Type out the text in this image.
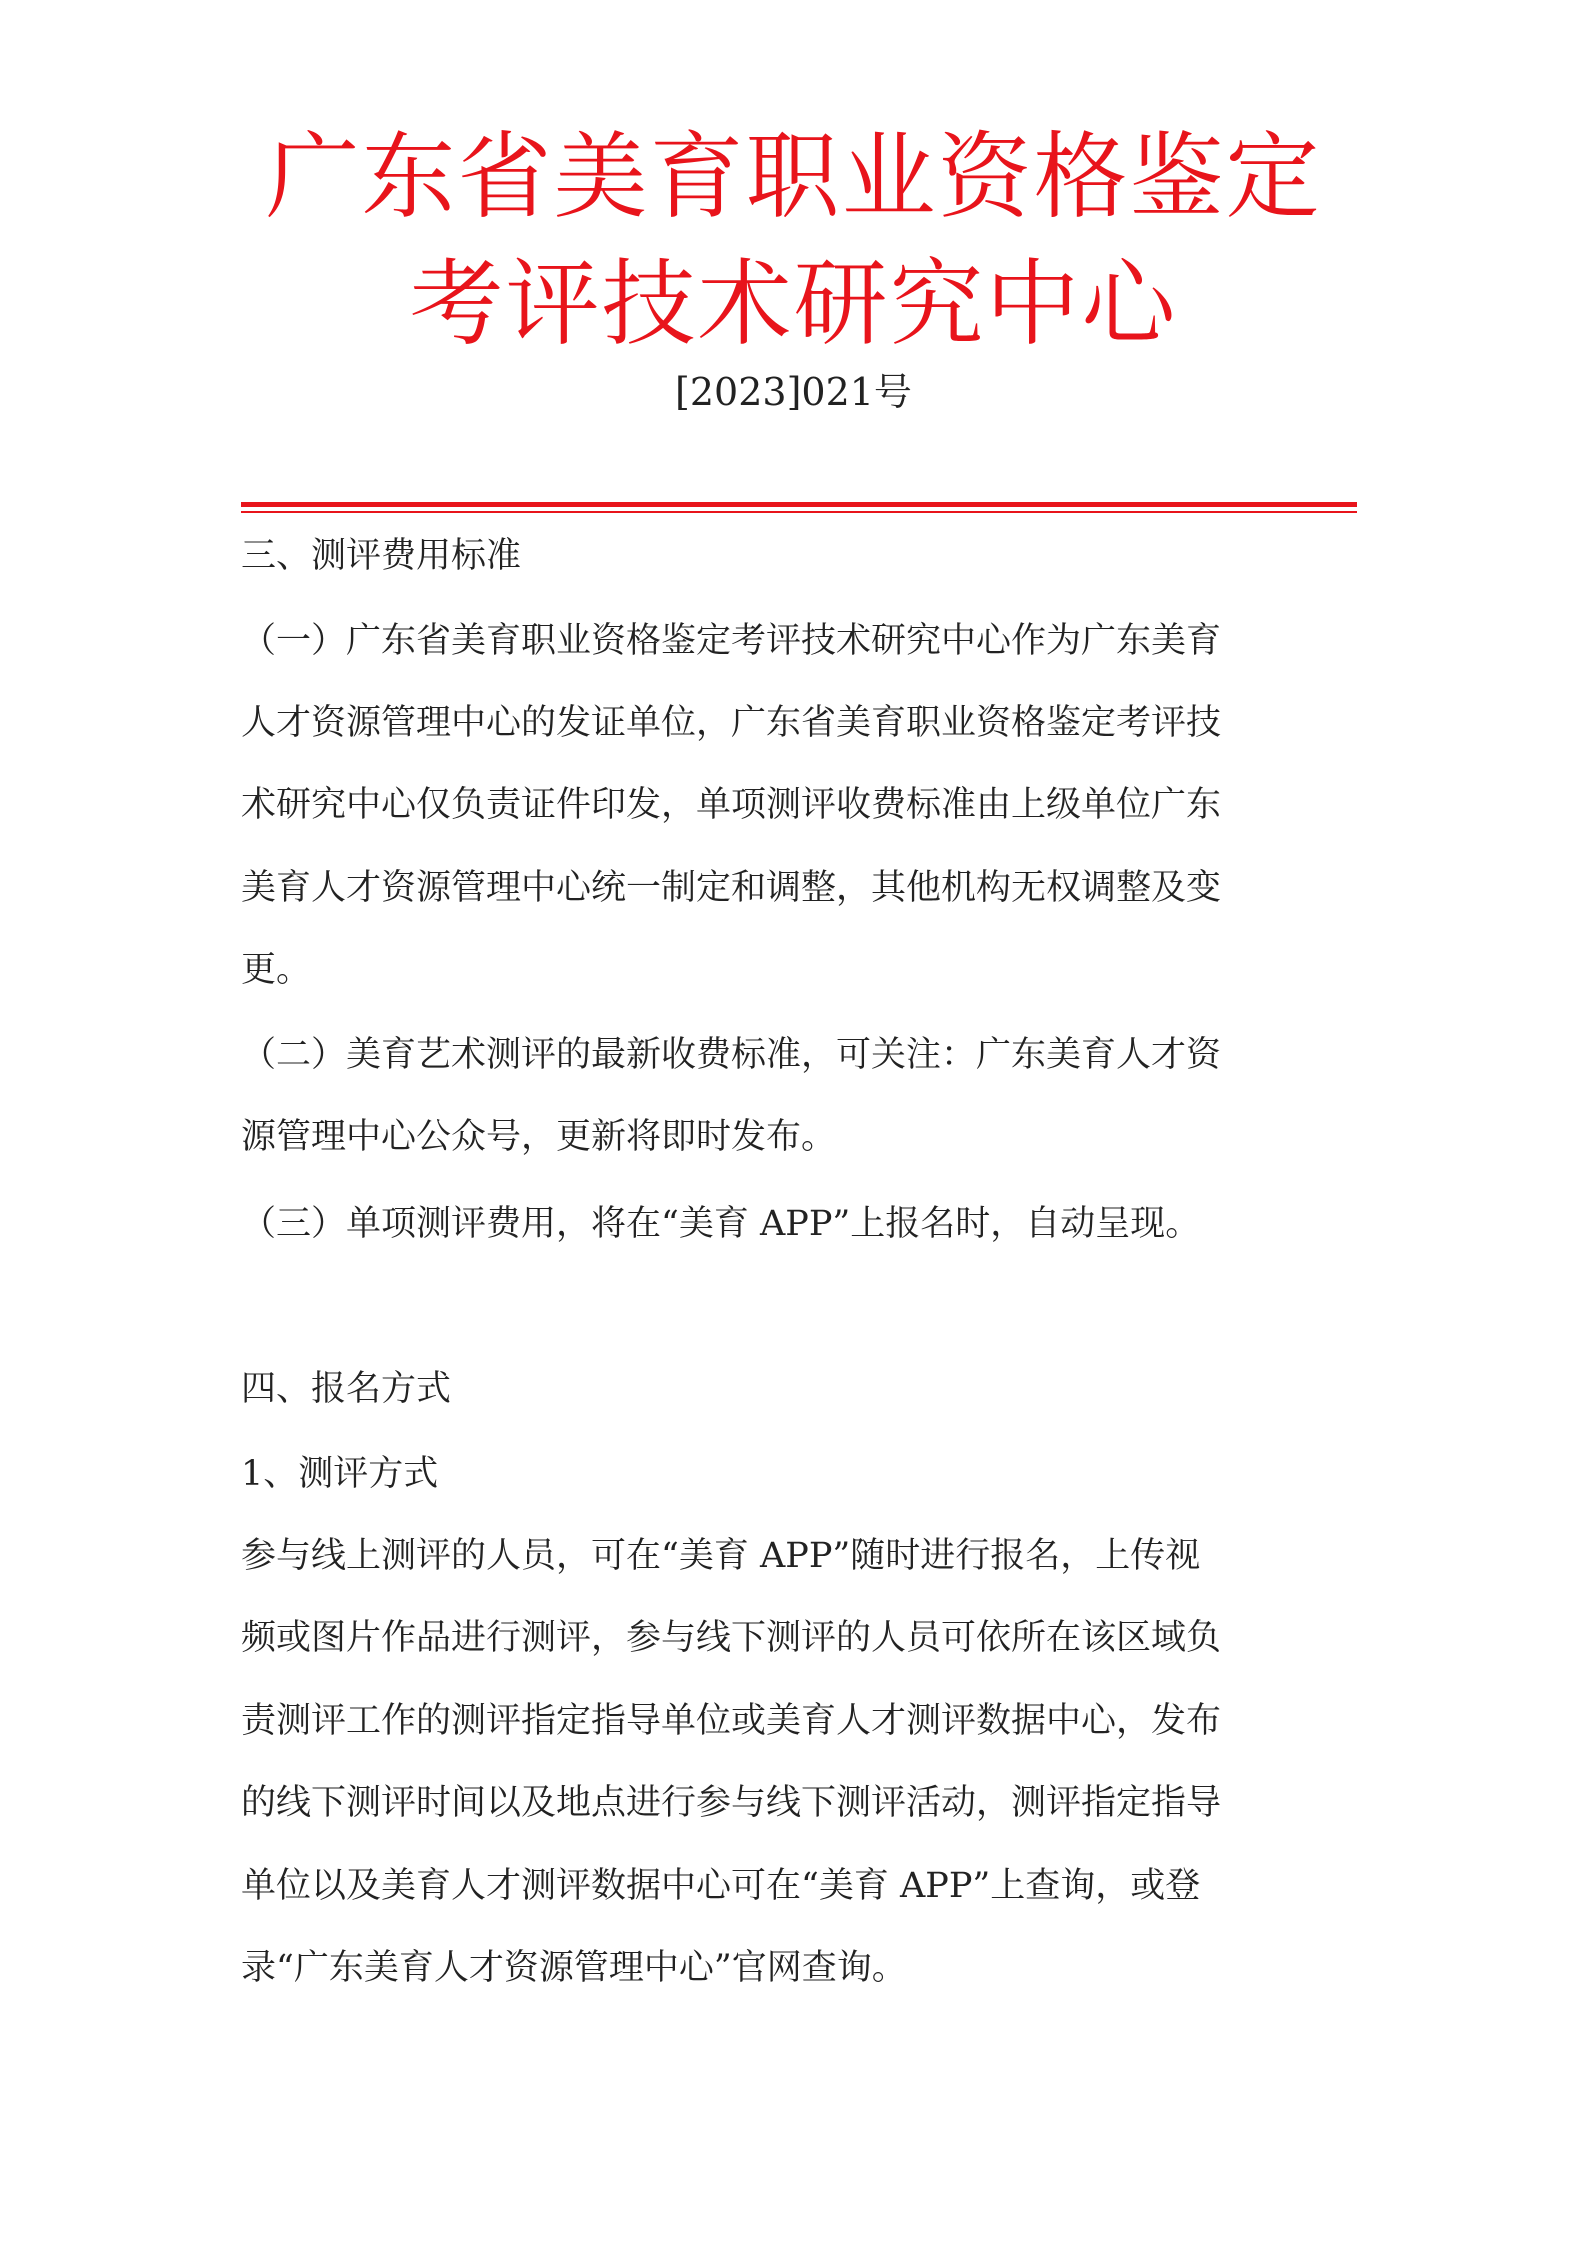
广东省美育职业资格鉴定
考评技术研究中心
[2023]021号
三、测评费用标准
（一）广东省美育职业资格鉴定考评技术研究中心作为广东美育
人才资源管理中心的发证单位，广东省美育职业资格鉴定考评技
术研究中心仅负责证件印发，单项测评收费标准由上级单位广东
美育人才资源管理中心统一制定和调整，其他机构无权调整及变
更。
（二）美育艺术测评的最新收费标准，可关注：广东美育人才资
源管理中心公众号，更新将即时发布。
（三）单项测评费用，将在“美育 APP”上报名时，自动呈现。
四、报名方式
1、测评方式
参与线上测评的人员，可在“美育 APP”随时进行报名，上传视
频或图片作品进行测评，参与线下测评的人员可依所在该区域负
责测评工作的测评指定指导单位或美育人才测评数据中心，发布
的线下测评时间以及地点进行参与线下测评活动，测评指定指导
单位以及美育人才测评数据中心可在“美育 APP”上查询，或登
录“广东美育人才资源管理中心”官网查询。
